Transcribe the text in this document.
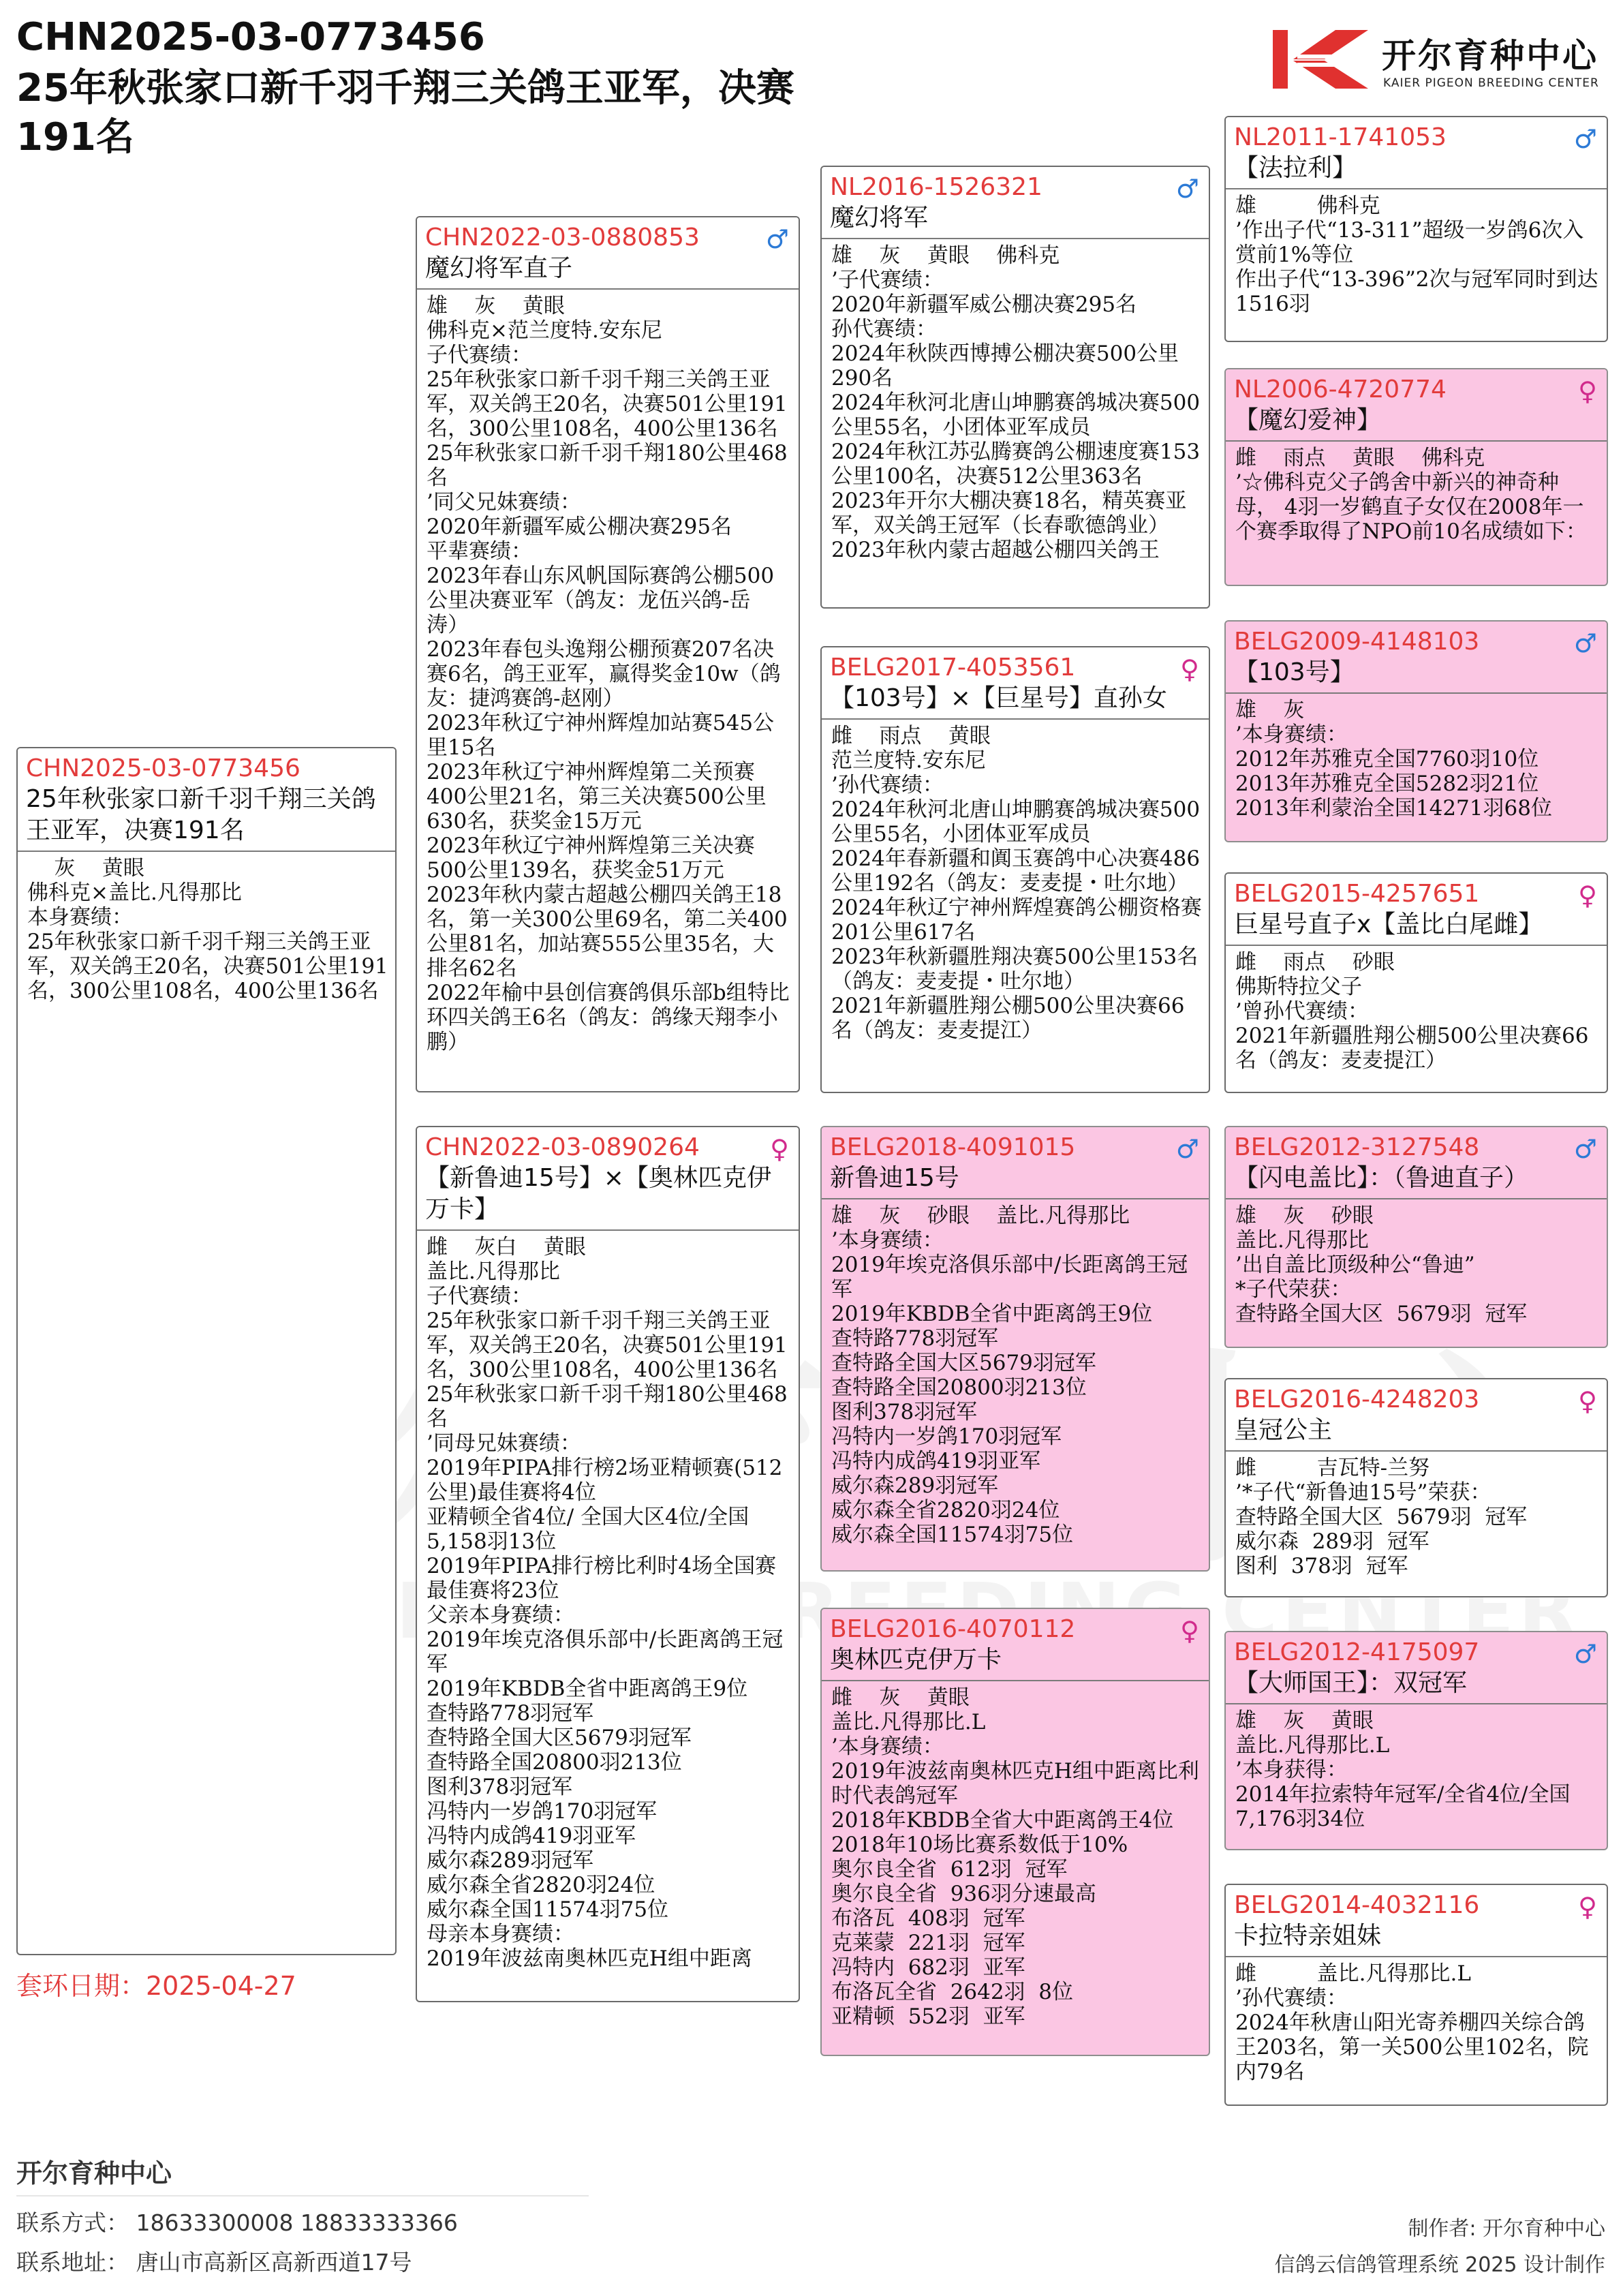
CHN2025-03-0773456
25年秋张家口新千羽千翔三关鸽王亚军，决赛191名
开尔育种中心
KAIER PIGEON BREEDING CENTER
CHN2025-03-0773456
25年秋张家口新千羽千翔三关鸽王亚军，决赛191名
灰    黄眼
佛科克×盖比.凡得那比
本身赛绩：
25年秋张家口新千羽千翔三关鸽王亚军，双关鸽王20名，决赛501公里191名，300公里108名，400公里136名
CHN2022-03-0880853	♂
魔幻将军直子
雄    灰    黄眼
佛科克×范兰度特.安东尼
子代赛绩：
25年秋张家口新千羽千翔三关鸽王亚军，双关鸽王20名，决赛501公里191名，300公里108名，400公里136名
25年秋张家口新千羽千翔180公里468名
’同父兄妹赛绩：
2020年新疆军威公棚决赛295名
平辈赛绩：
2023年春山东风帆国际赛鸽公棚500公里决赛亚军（鸽友：龙伍兴鸽-岳涛）
2023年春包头逸翔公棚预赛207名决赛6名，鸽王亚军，赢得奖金10w（鸽友：捷鸿赛鸽-赵刚）
2023年秋辽宁神州辉煌加站赛545公里15名
2023年秋辽宁神州辉煌第二关预赛400公里21名，第三关决赛500公里630名，获奖金15万元
2023年秋辽宁神州辉煌第三关决赛500公里139名，获奖金51万元
2023年秋内蒙古超越公棚四关鸽王18名，第一关300公里69名，第二关400公里81名，加站赛555公里35名，大排名62名
2022年榆中县创信赛鸽俱乐部b组特比环四关鸽王6名（鸽友：鸽缘天翔李小鹏）
CHN2022-03-0890264	♀
【新鲁迪15号】×【奥林匹克伊万卡】
雌    灰白    黄眼
盖比.凡得那比
子代赛绩：
25年秋张家口新千羽千翔三关鸽王亚军，双关鸽王20名，决赛501公里191名，300公里108名，400公里136名
25年秋张家口新千羽千翔180公里468名
’同母兄妹赛绩：
2019年PIPA排行榜2场亚精顿赛(512公里)最佳赛将4位
亚精顿全省4位/ 全国大区4位/全国5,158羽13位
2019年PIPA排行榜比利时4场全国赛最佳赛将23位
父亲本身赛绩：
2019年埃克洛俱乐部中/长距离鸽王冠军
2019年KBDB全省中距离鸽王9位
查特路778羽冠军
查特路全国大区5679羽冠军
查特路全国20800羽213位
图利378羽冠军
冯特内一岁鸽170羽冠军
冯特内成鸽419羽亚军
威尔森289羽冠军
威尔森全省2820羽24位
威尔森全国11574羽75位
母亲本身赛绩：
2019年波兹南奥林匹克H组中距离
NL2016-1526321	♂
魔幻将军
雄    灰    黄眼    佛科克
’子代赛绩：
2020年新疆军威公棚决赛295名
孙代赛绩：
2024年秋陕西博搏公棚决赛500公里290名
2024年秋河北唐山坤鹏赛鸽城决赛500公里55名，小团体亚军成员
2024年秋江苏弘腾赛鸽公棚速度赛153公里100名，决赛512公里363名
2023年开尔大棚决赛18名，精英赛亚军，双关鸽王冠军（长春歌德鸽业）
2023年秋内蒙古超越公棚四关鸽王
BELG2017-4053561	♀
【103号】×【巨星号】直孙女
雌    雨点    黄眼
范兰度特.安东尼
’孙代赛绩：
2024年秋河北唐山坤鹏赛鸽城决赛500公里55名，小团体亚军成员
2024年春新疆和阗玉赛鸽中心决赛486公里192名（鸽友：麦麦提・吐尔地）
2024年秋辽宁神州辉煌赛鸽公棚资格赛201公里617名
2023年秋新疆胜翔决赛500公里153名（鸽友：麦麦提・吐尔地）
2021年新疆胜翔公棚500公里决赛66名（鸽友：麦麦提江）
BELG2018-4091015	♂
新鲁迪15号
雄    灰    砂眼    盖比.凡得那比
’本身赛绩：
2019年埃克洛俱乐部中/长距离鸽王冠军
2019年KBDB全省中距离鸽王9位
查特路778羽冠军
查特路全国大区5679羽冠军
查特路全国20800羽213位
图利378羽冠军
冯特内一岁鸽170羽冠军
冯特内成鸽419羽亚军
威尔森289羽冠军
威尔森全省2820羽24位
威尔森全国11574羽75位
BELG2016-4070112	♀
奥林匹克伊万卡
雌    灰    黄眼
盖比.凡得那比.L
’本身赛绩：
2019年波兹南奥林匹克H组中距离比利时代表鸽冠军
2018年KBDB全省大中距离鸽王4位
2018年10场比赛系数低于10%
奥尔良全省  612羽  冠军
奥尔良全省  936羽分速最高
布洛瓦  408羽  冠军
克莱蒙  221羽  冠军
冯特内  682羽  亚军
布洛瓦全省  2642羽  8位
亚精顿  552羽  亚军
NL2011-1741053	♂
【法拉利】
雄         佛科克
’作出子代“13-311”超级一岁鸽6次入赏前1%等位
作出子代“13-396”2次与冠军同时到达1516羽
NL2006-4720774	♀
【魔幻爱神】
雌    雨点    黄眼    佛科克
’☆佛科克父子鸽舍中新兴的神奇种母， 4羽一岁鹤直子女仅在2008年一个赛季取得了NPO前10名成绩如下：
BELG2009-4148103	♂
【103号】
雄    灰
’本身赛绩：
2012年苏雅克全国7760羽10位
2013年苏雅克全国5282羽21位
2013年利蒙治全国14271羽68位
BELG2015-4257651	♀
巨星号直子x【盖比白尾雌】
雌    雨点    砂眼
佛斯特拉父子
’曾孙代赛绩：
2021年新疆胜翔公棚500公里决赛66名（鸽友：麦麦提江）
BELG2012-3127548	♂
【闪电盖比】：（鲁迪直子）
雄    灰    砂眼
盖比.凡得那比
’出自盖比顶级种公“鲁迪”
*子代荣获：
查特路全国大区  5679羽  冠军
BELG2016-4248203	♀
皇冠公主
雌         吉瓦特-兰努
’*子代“新鲁迪15号”荣获：
查特路全国大区  5679羽  冠军
威尔森  289羽  冠军
图利  378羽  冠军
BELG2012-4175097	♂
【大师国王】：双冠军
雄    灰    黄眼
盖比.凡得那比.L
’本身获得：
2014年拉索特年冠军/全省4位/全国7,176羽34位
BELG2014-4032116	♀
卡拉特亲姐妹
雌         盖比.凡得那比.L
’孙代赛绩：
2024年秋唐山阳光寄养棚四关综合鸽王203名，第一关500公里102名，院内79名
套环日期：2025-04-27
开尔育种中心
联系方式： 18633300008 18833333366
联系地址： 唐山市高新区高新西道17号
制作者: 开尔育种中心
信鸽云信鸽管理系统 2025 设计制作
